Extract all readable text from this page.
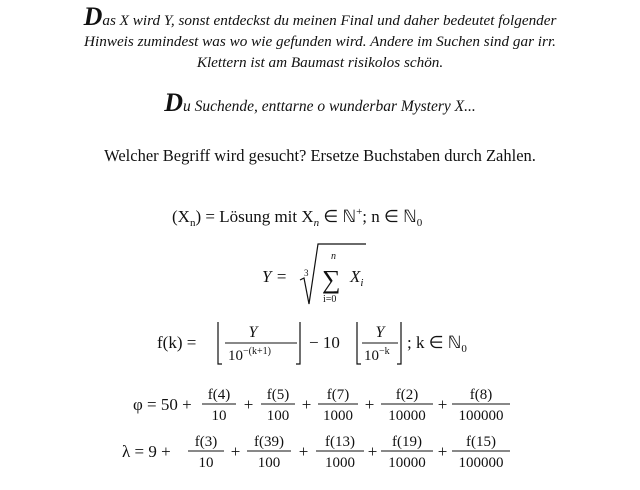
Das X wird Y, sonst entdeckst du meinen Final und daher bedeutet folgender
Hinweis zumindest was wo wie gefunden wird. Andere im Suchen sind gar irr.
Klettern ist am Baumast risikolos schön.
Du Suchende, enttarne o wunderbar Mystery X...
Welcher Begriff wird gesucht? Ersetze Buchstaben durch Zahlen.
$(X_n)$ = Lösung mit $X_n$ ∈ ℕ+; n ∈ ℕ$_0$
Y = 3
n
∑
i=0
$X_i$
f(k) =
Y
$10^{-(k+1)} - 10$
Y
$10^{-k}$ ; k ∈ ℕ$_0$
φ = 50 + f(4)
10
+ f(5)
100
+ f(7)
1000
+ f(2)
10000
+ f(8)
100000
λ = 9 + f(3)
10
+ f(39)
100
+ f(13)
1000
+ f(19)
10000
+ f(15)
100000
